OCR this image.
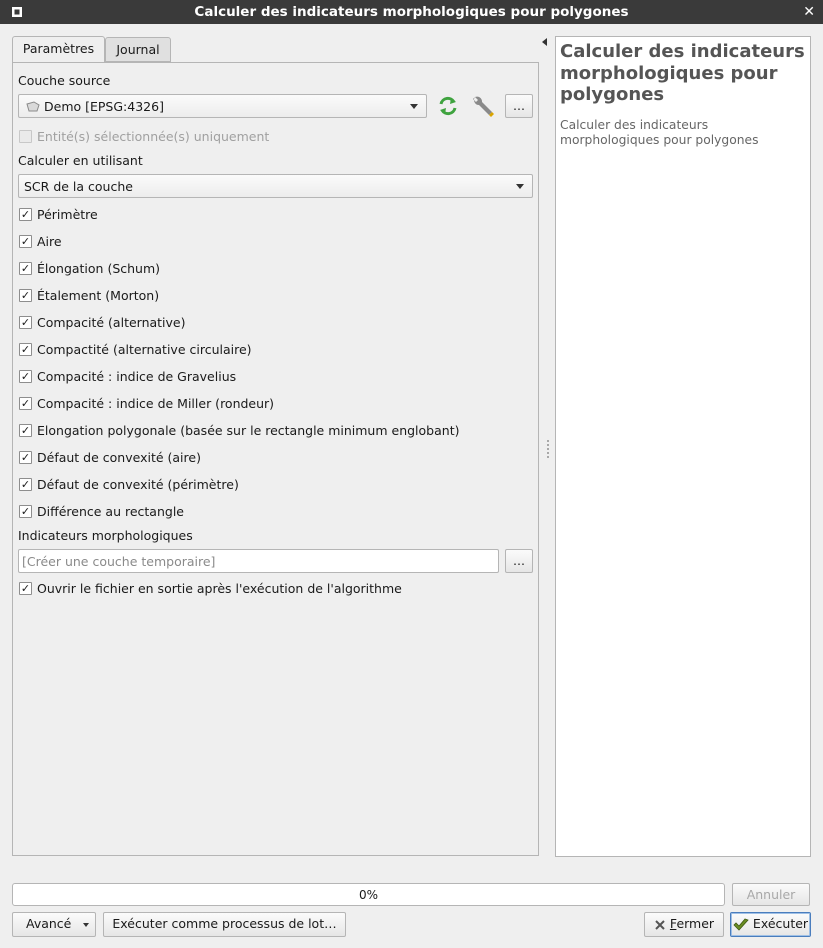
Calculer des indicateurs morphologiques pour polygones	✕
Paramètres	Journal
Couche source
Demo [EPSG:4326]	…
Entité(s) sélectionnée(s) uniquement
Calculer en utilisant
SCR de la couche
✓ Périmètre
✓ Aire
✓ Élongation (Schum)
✓ Étalement (Morton)
✓ Compacité (alternative)
✓ Compactité (alternative circulaire)
✓ Compacité : indice de Gravelius
✓ Compacité : indice de Miller (rondeur)
✓ Elongation polygonale (basée sur le rectangle minimum englobant)
✓ Défaut de convexité (aire)
✓ Défaut de convexité (périmètre)
✓ Différence au rectangle
Indicateurs morphologiques
[Créer une couche temporaire]	…
✓ Ouvrir le fichier en sortie après l'exécution de l'algorithme
Calculer des indicateurs morphologiques pour polygones

Calculer des indicateurs morphologiques pour polygones

0%	Annuler
Avancé	Exécuter comme processus de lot…	Fermer	Exécuter
